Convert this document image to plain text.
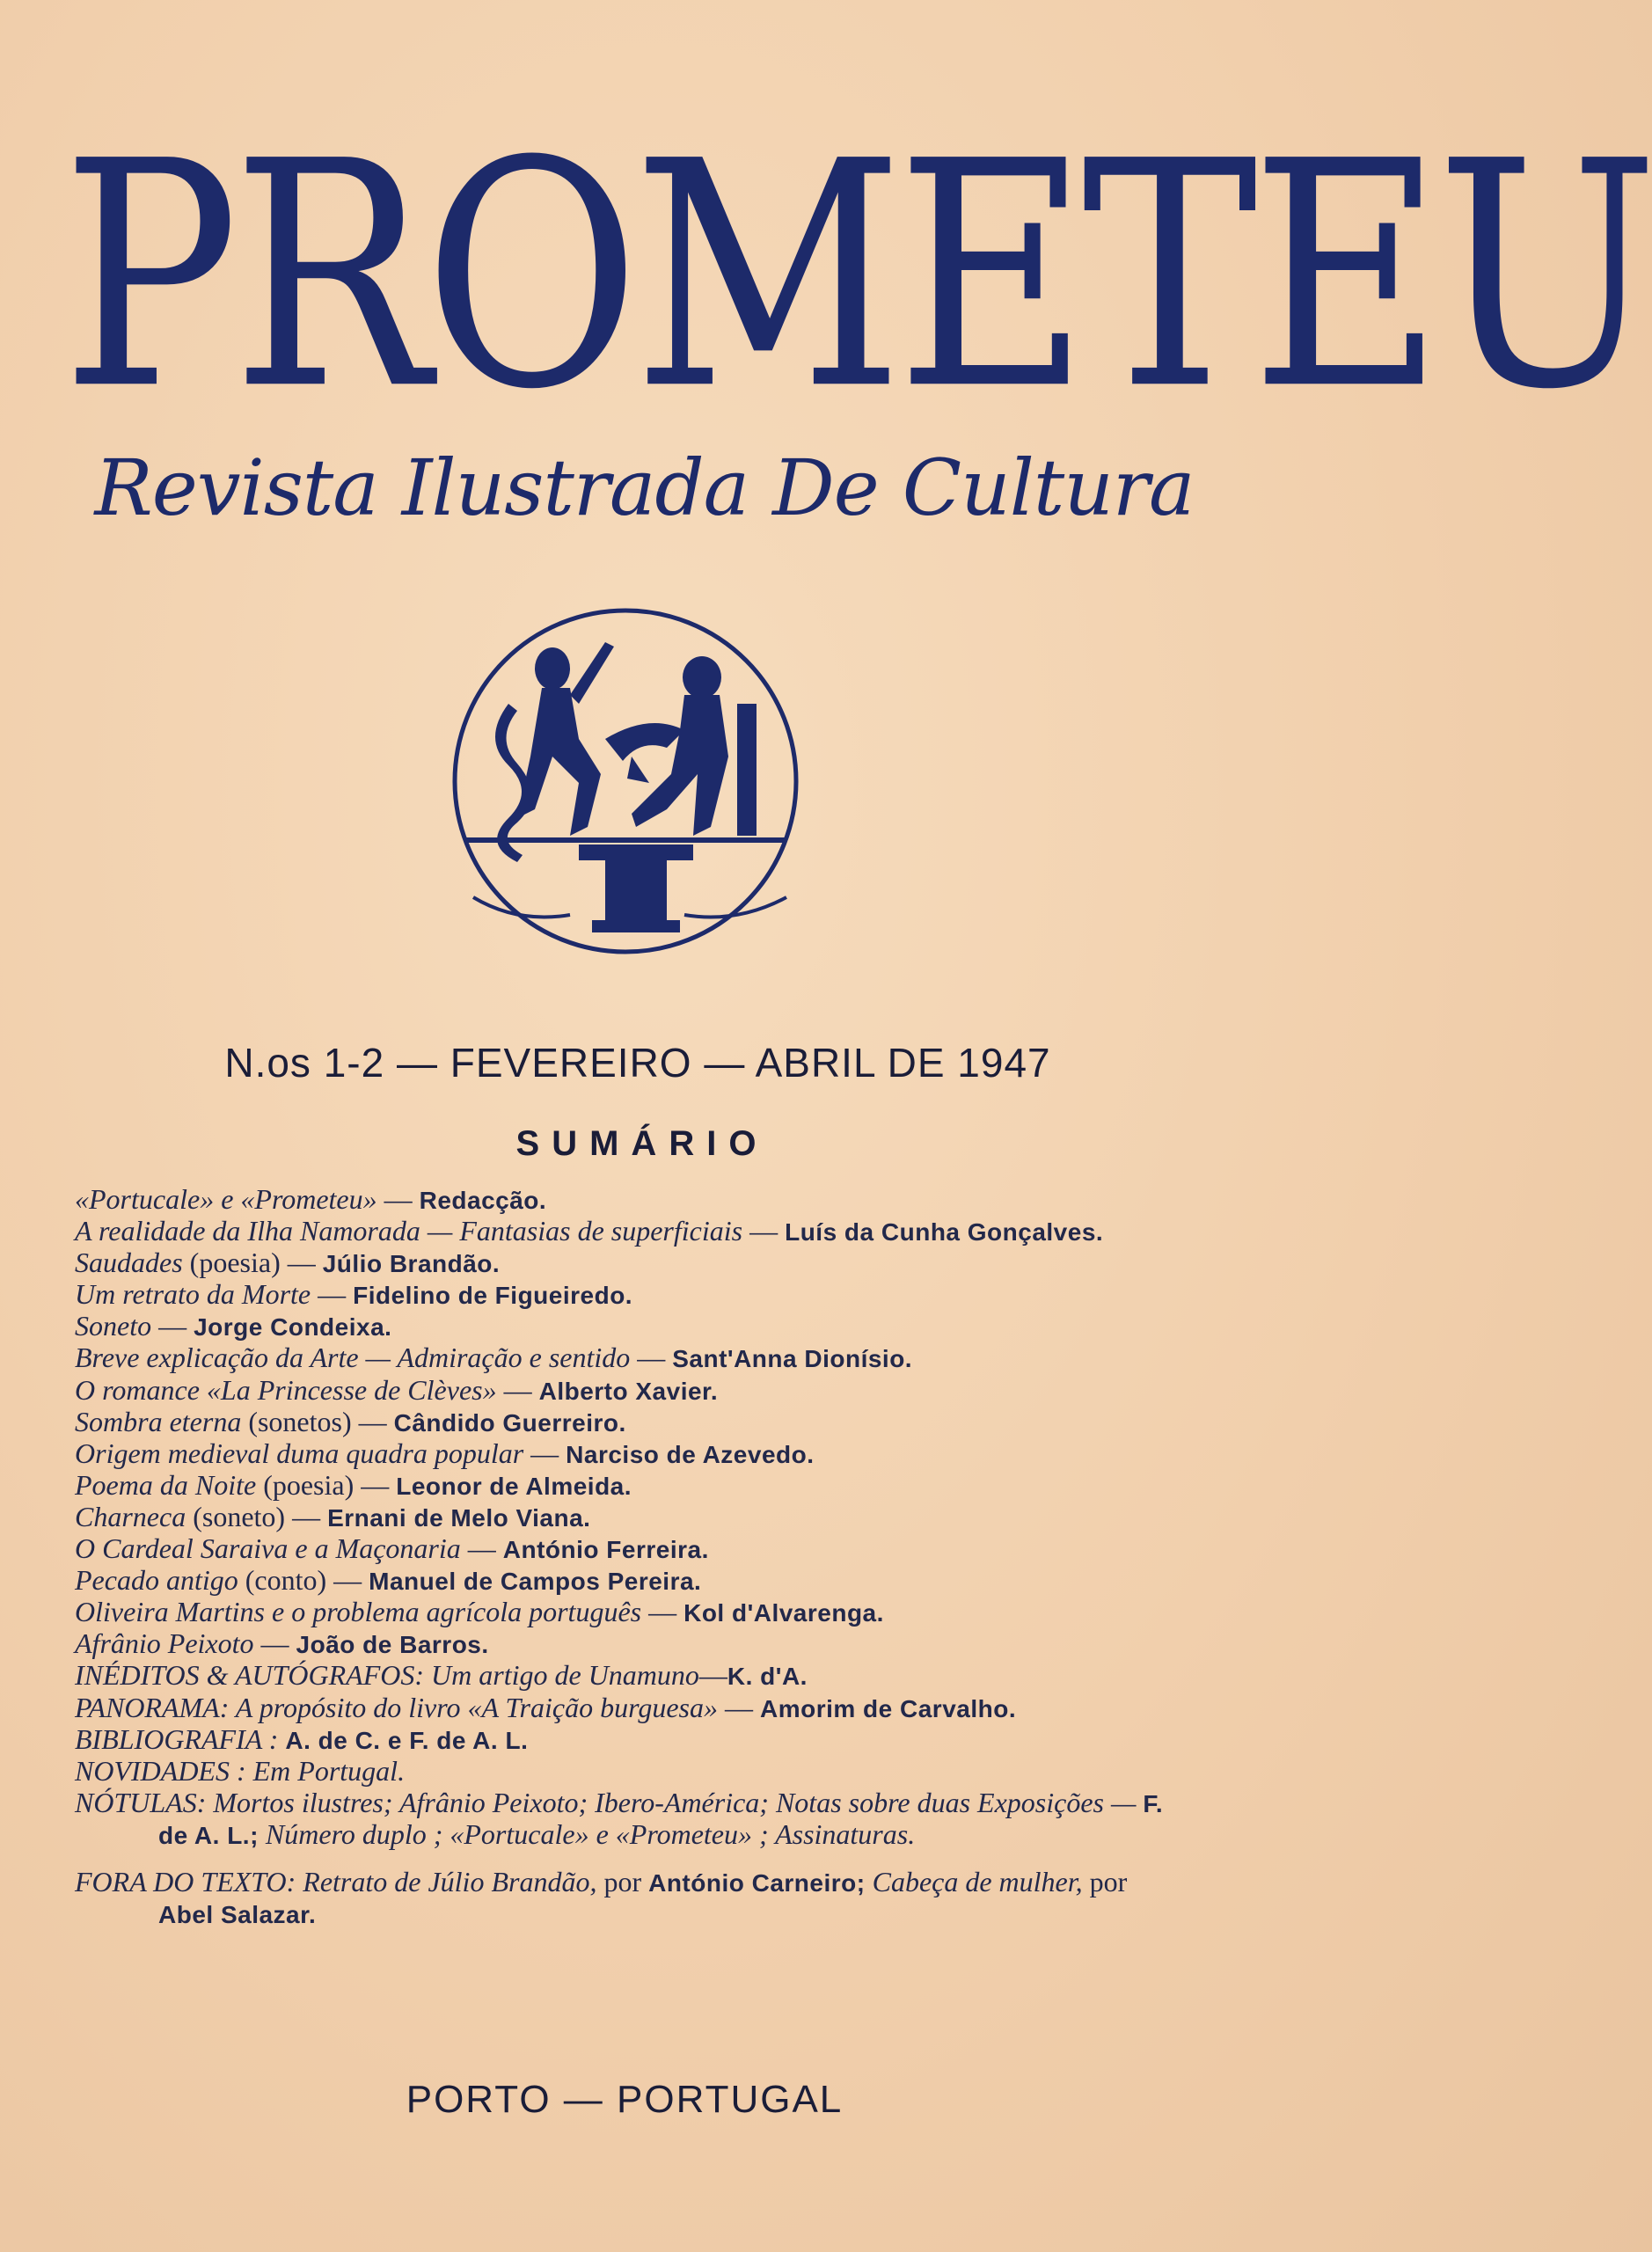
PROMETEU
Revista Ilustrada De Cultura
N.os 1-2 — FEVEREIRO — ABRIL DE 1947
SUMÁRIO

«Portucale» e «Prometeu» — Redacção.

A realidade da Ilha Namorada — Fantasias de superficiais — Luís da Cunha Gonçalves.

Saudades (poesia) — Júlio Brandão.

Um retrato da Morte — Fidelino de Figueiredo.

Soneto — Jorge Condeixa.

Breve explicação da Arte — Admiração e sentido — Sant'Anna Dionísio.

O romance «La Princesse de Clèves» — Alberto Xavier.

Sombra eterna (sonetos) — Cândido Guerreiro.

Origem medieval duma quadra popular — Narciso de Azevedo.

Poema da Noite (poesia) — Leonor de Almeida.

Charneca (soneto) — Ernani de Melo Viana.

O Cardeal Saraiva e a Maçonaria — António Ferreira.

Pecado antigo (conto) — Manuel de Campos Pereira.

Oliveira Martins e o problema agrícola português — Kol d'Alvarenga.

Afrânio Peixoto — João de Barros.

INÉDITOS & AUTÓGRAFOS: Um artigo de Unamuno—K. d'A.

PANORAMA: A propósito do livro «A Traição burguesa» — Amorim de Carvalho.

BIBLIOGRAFIA : A. de C. e F. de A. L.

NOVIDADES : Em Portugal.

NÓTULAS: Mortos ilustres; Afrânio Peixoto; Ibero-América; Notas sobre duas Exposições — F. de A. L.; Número duplo ; «Portucale» e «Prometeu» ; Assinaturas.

FORA DO TEXTO: Retrato de Júlio Brandão, por António Carneiro; Cabeça de mulher, por Abel Salazar.

PORTO — PORTUGAL
